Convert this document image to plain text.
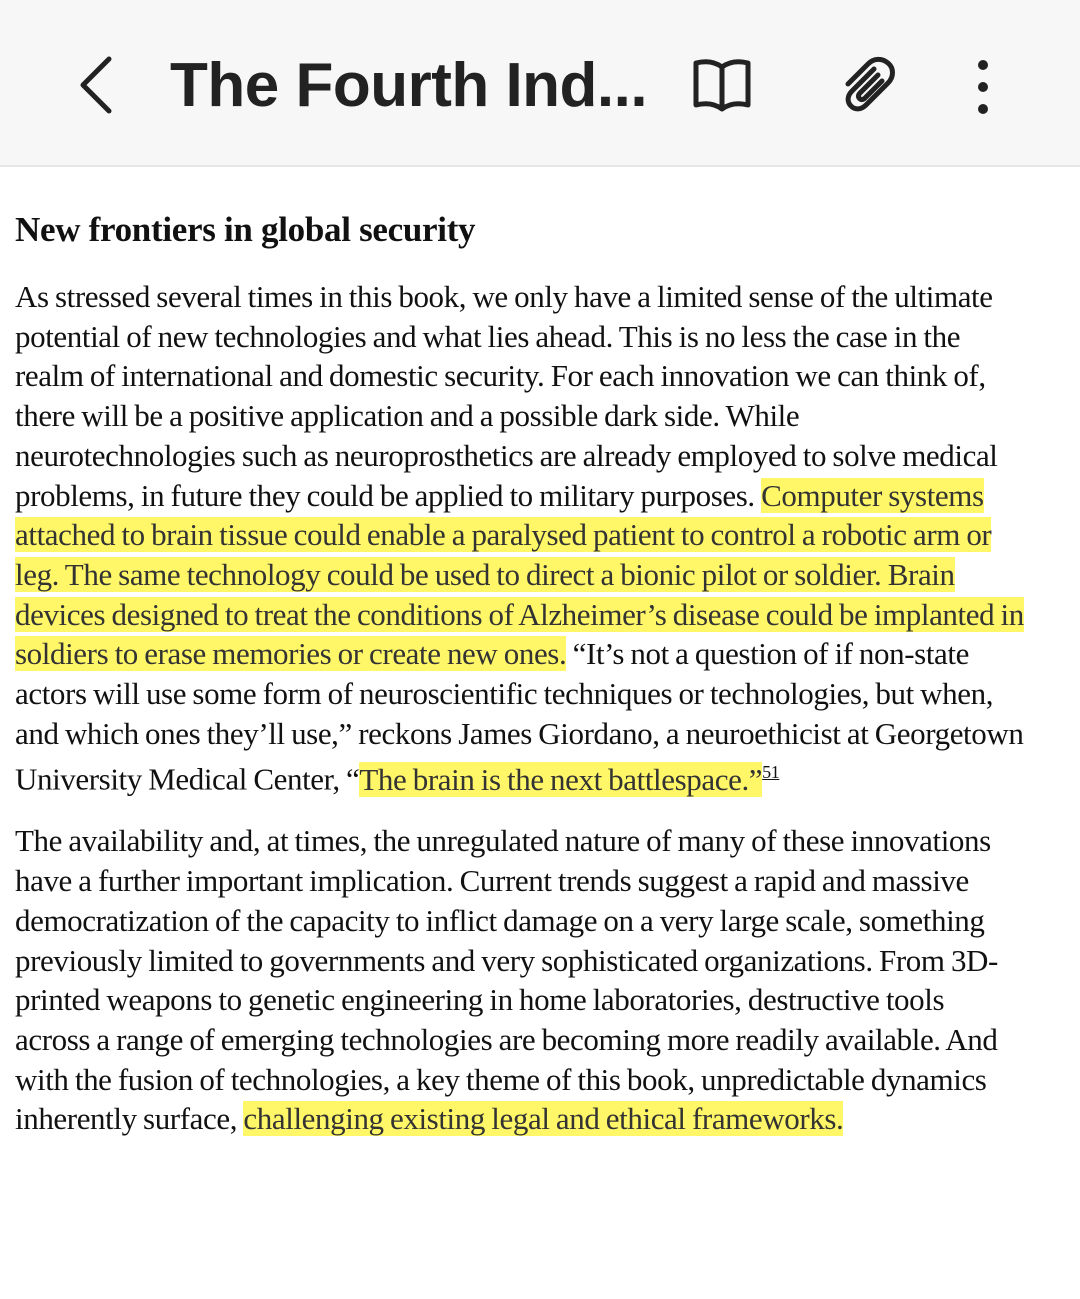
The Fourth Ind...
New frontiers in global security

As stressed several times in this book, we only have a limited sense of the ultimate potential of new technologies and what lies ahead. This is no less the case in the realm of international and domestic security. For each innovation we can think of, there will be a positive application and a possible dark side. While neurotechnologies such as neuroprosthetics are already employed to solve medical problems, in future they could be applied to military purposes. Computer systems attached to brain tissue could enable a paralysed patient to control a robotic arm or leg. The same technology could be used to direct a bionic pilot or soldier. Brain devices designed to treat the conditions of Alzheimer’s disease could be implanted in soldiers to erase memories or create new ones. “It’s not a question of if non-state actors will use some form of neuroscientific techniques or technologies, but when, and which ones they’ll use,” reckons James Giordano, a neuroethicist at Georgetown University Medical Center, “The brain is the next battlespace.”$^{51}$

The availability and, at times, the unregulated nature of many of these innovations have a further important implication. Current trends suggest a rapid and massive democratization of the capacity to inflict damage on a very large scale, something previously limited to governments and very sophisticated organizations. From 3D-printed weapons to genetic engineering in home laboratories, destructive tools across a range of emerging technologies are becoming more readily available. And with the fusion of technologies, a key theme of this book, unpredictable dynamics inherently surface, challenging existing legal and ethical frameworks.
